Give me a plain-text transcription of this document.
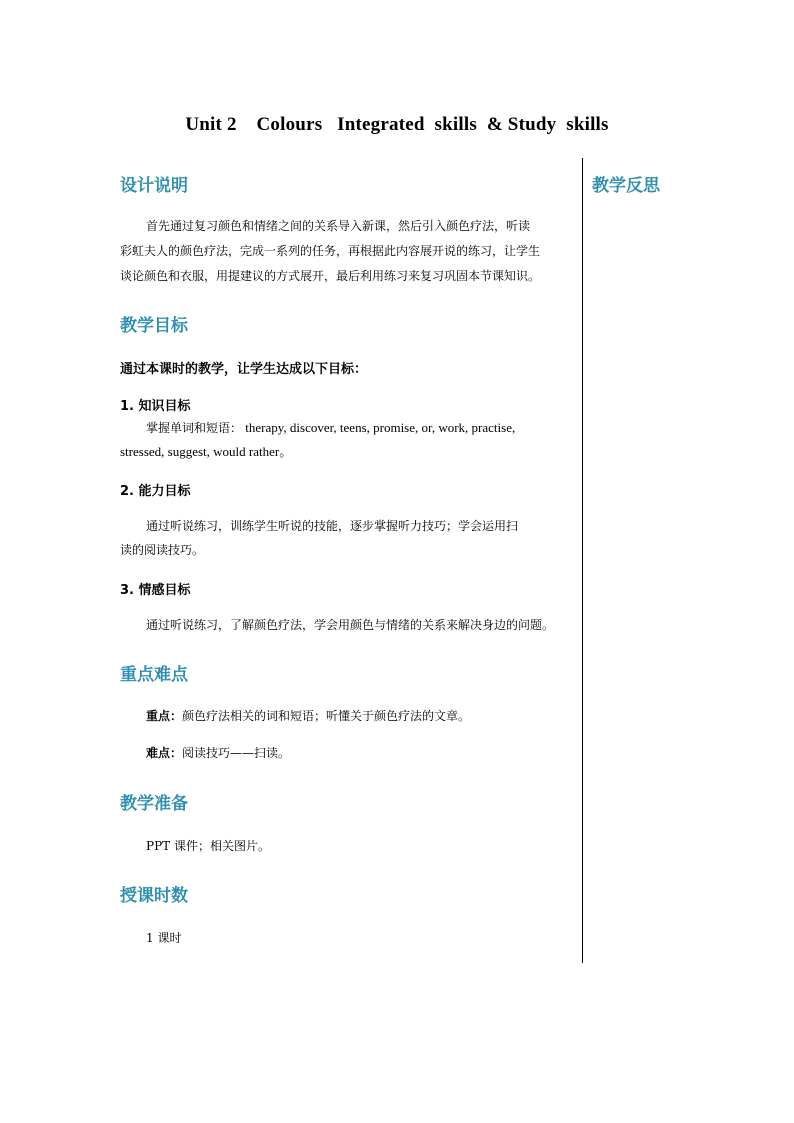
Unit 2    Colours   Integrated  skills  & Study  skills
教学反思
设计说明
首先通过复习颜色和情绪之间的关系导入新课，然后引入颜色疗法，听读
彩虹夫人的颜色疗法，完成一系列的任务，再根据此内容展开说的练习，让学生
谈论颜色和衣服，用提建议的方式展开，最后利用练习来复习巩固本节课知识。
教学目标
通过本课时的教学，让学生达成以下目标：
1. 知识目标
掌握单词和短语： therapy, discover, teens, promise, or, work, practise,
stressed, suggest, would rather。
2. 能力目标
通过听说练习，训练学生听说的技能，逐步掌握听力技巧；学会运用扫
读的阅读技巧。
3. 情感目标
通过听说练习，了解颜色疗法，学会用颜色与情绪的关系来解决身边的问题。
重点难点
重点：颜色疗法相关的词和短语；听懂关于颜色疗法的文章。
难点：阅读技巧——扫读。
教学准备
PPT 课件；相关图片。
授课时数
1 课时
